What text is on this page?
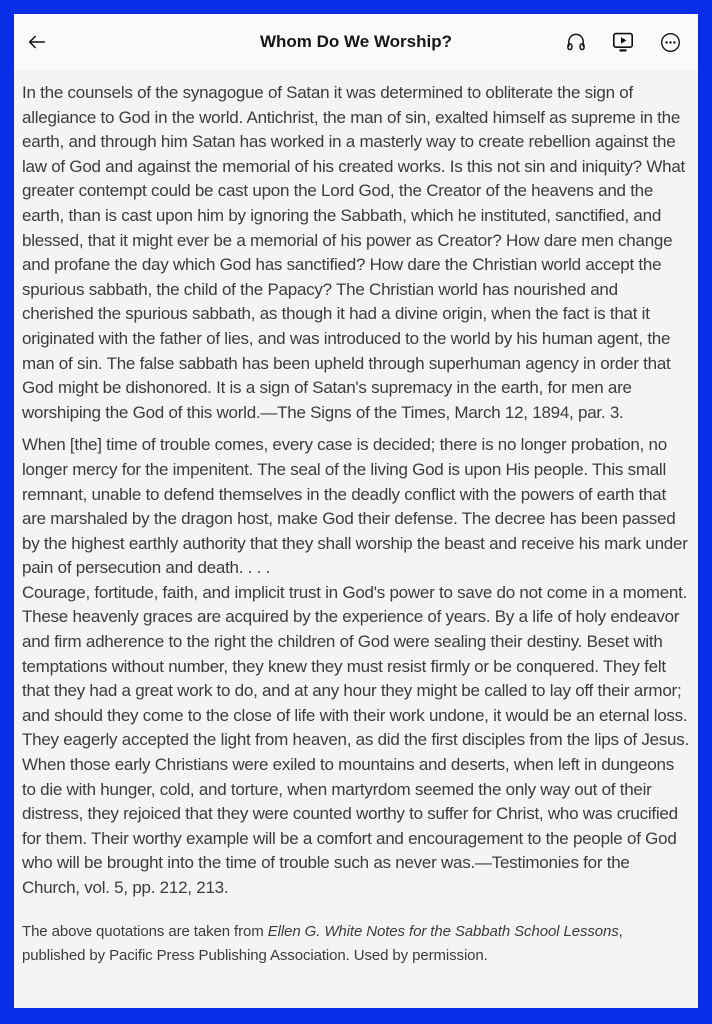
Whom Do We Worship?

In the counsels of the synagogue of Satan it was determined to obliterate the sign of allegiance to God in the world. Antichrist, the man of sin, exalted himself as supreme in the earth, and through him Satan has worked in a masterly way to create rebellion against the law of God and against the memorial of his created works. Is this not sin and iniquity? What greater contempt could be cast upon the Lord God, the Creator of the heavens and the earth, than is cast upon him by ignoring the Sabbath, which he instituted, sanctified, and blessed, that it might ever be a memorial of his power as Creator? How dare men change and profane the day which God has sanctified? How dare the Christian world accept the spurious sabbath, the child of the Papacy? The Christian world has nourished and cherished the spurious sabbath, as though it had a divine origin, when the fact is that it originated with the father of lies, and was introduced to the world by his human agent, the man of sin. The false sabbath has been upheld through superhuman agency in order that God might be dishonored. It is a sign of Satan's supremacy in the earth, for men are worshiping the God of this world.—The Signs of the Times, March 12, 1894, par. 3.

When [the] time of trouble comes, every case is decided; there is no longer probation, no longer mercy for the impenitent. The seal of the living God is upon His people. This small remnant, unable to defend themselves in the deadly conflict with the powers of earth that are marshaled by the dragon host, make God their defense. The decree has been passed by the highest earthly authority that they shall worship the beast and receive his mark under pain of persecution and death. . . .

Courage, fortitude, faith, and implicit trust in God's power to save do not come in a moment. These heavenly graces are acquired by the experience of years. By a life of holy endeavor and firm adherence to the right the children of God were sealing their destiny. Beset with temptations without number, they knew they must resist firmly or be conquered. They felt that they had a great work to do, and at any hour they might be called to lay off their armor; and should they come to the close of life with their work undone, it would be an eternal loss. They eagerly accepted the light from heaven, as did the first disciples from the lips of Jesus.

When those early Christians were exiled to mountains and deserts, when left in dungeons to die with hunger, cold, and torture, when martyrdom seemed the only way out of their distress, they rejoiced that they were counted worthy to suffer for Christ, who was crucified for them. Their worthy example will be a comfort and encouragement to the people of God who will be brought into the time of trouble such as never was.—Testimonies for the Church, vol. 5, pp. 212, 213.

The above quotations are taken from Ellen G. White Notes for the Sabbath School Lessons, published by Pacific Press Publishing Association. Used by permission.
